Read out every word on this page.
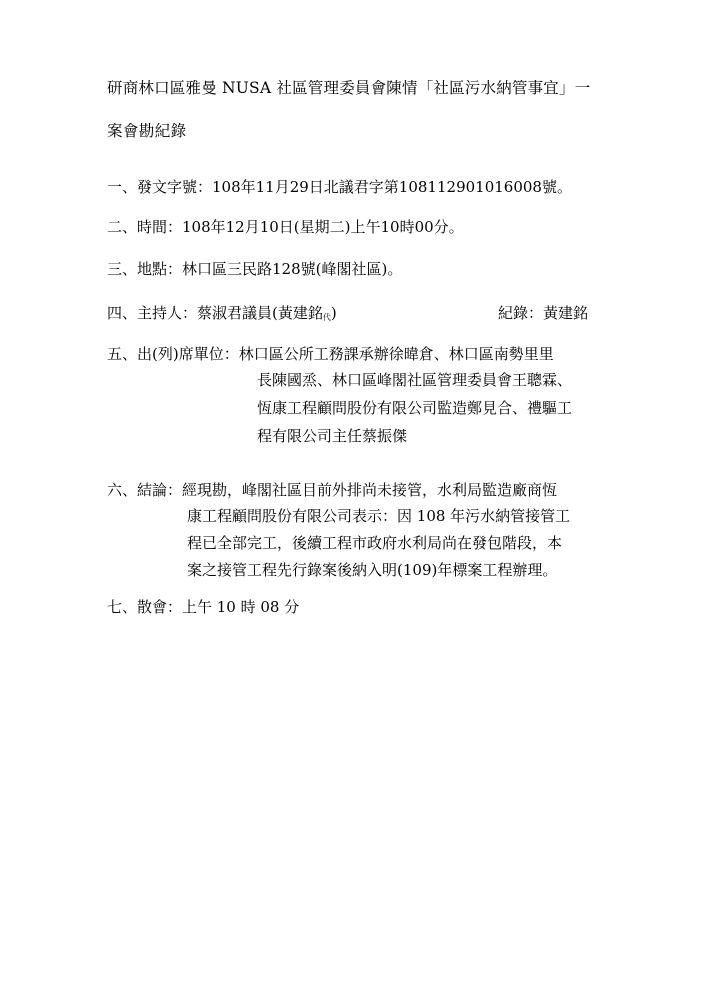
研商林口區雅曼 NUSA 社區管理委員會陳情「社區污水納管事宜」一
案會勘紀錄
一、發文字號：108年11月29日北議君字第108112901016008號。
二、時間：108年12月10日(星期二)上午10時00分。
三、地點：林口區三民路128號(峰閣社區)。
四、主持人：蔡淑君議員(黃建銘代)	紀錄：黃建銘
五、出(列)席單位：林口區公所工務課承辦徐暐倉、林口區南勢里里
長陳國烝、林口區峰閣社區管理委員會王聰霖、
恆康工程顧問股份有限公司監造鄭見合、禮驅工
程有限公司主任蔡振傑
六、結論：經現勘，峰閣社區目前外排尚未接管，水利局監造廠商恆
康工程顧問股份有限公司表示：因 108 年污水納管接管工
程已全部完工，後續工程市政府水利局尚在發包階段，本
案之接管工程先行錄案後納入明(109)年標案工程辦理。
七、散會：上午 10 時 08 分
